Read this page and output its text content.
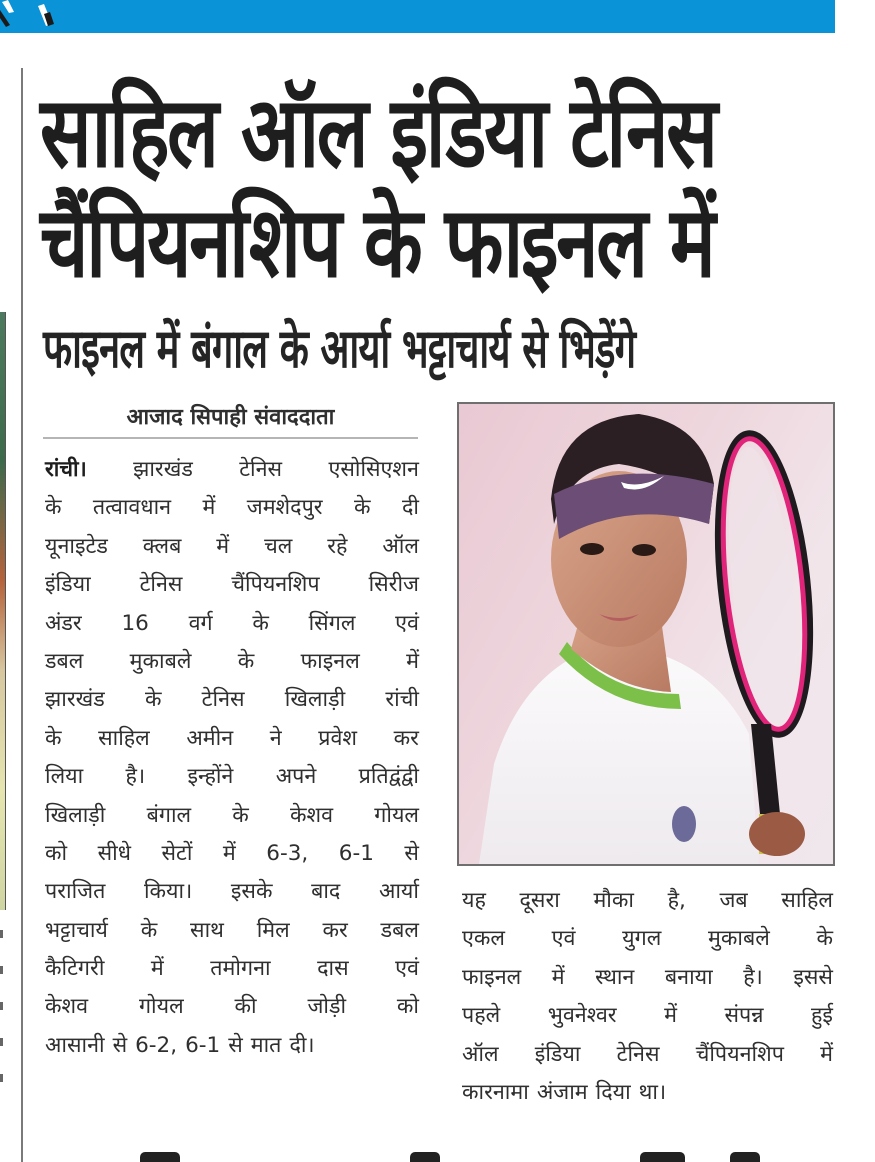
साहिल ऑल इंडिया टेनिस
चैंपियनशिप के फाइनल में
फाइनल में बंगाल के आर्या भट्टाचार्य से भिड़ेंगे
आजाद सिपाही संवाददाता
रांची। झारखंड टेनिस एसोसिएशन
के तत्वावधान में जमशेदपुर के दी
यूनाइटेड क्लब में चल रहे ऑल
इंडिया टेनिस चैंपियनशिप सिरीज
अंडर 16 वर्ग के सिंगल एवं
डबल मुकाबले के फाइनल में
झारखंड के टेनिस खिलाड़ी रांची
के साहिल अमीन ने प्रवेश कर
लिया है। इन्होंने अपने प्रतिद्वंद्वी
खिलाड़ी बंगाल के केशव गोयल
को सीधे सेटों में 6-3, 6-1 से
पराजित किया। इसके बाद आर्या
भट्टाचार्य के साथ मिल कर डबल
कैटिगरी में तमोगना दास एवं
केशव गोयल की जोड़ी को
आसानी से 6-2, 6-1 से मात दी।
यह दूसरा मौका है, जब साहिल
एकल एवं युगल मुकाबले के
फाइनल में स्थान बनाया है। इससे
पहले भुवनेश्वर में संपन्न हुई
ऑल इंडिया टेनिस चैंपियनशिप में
कारनामा अंजाम दिया था।
